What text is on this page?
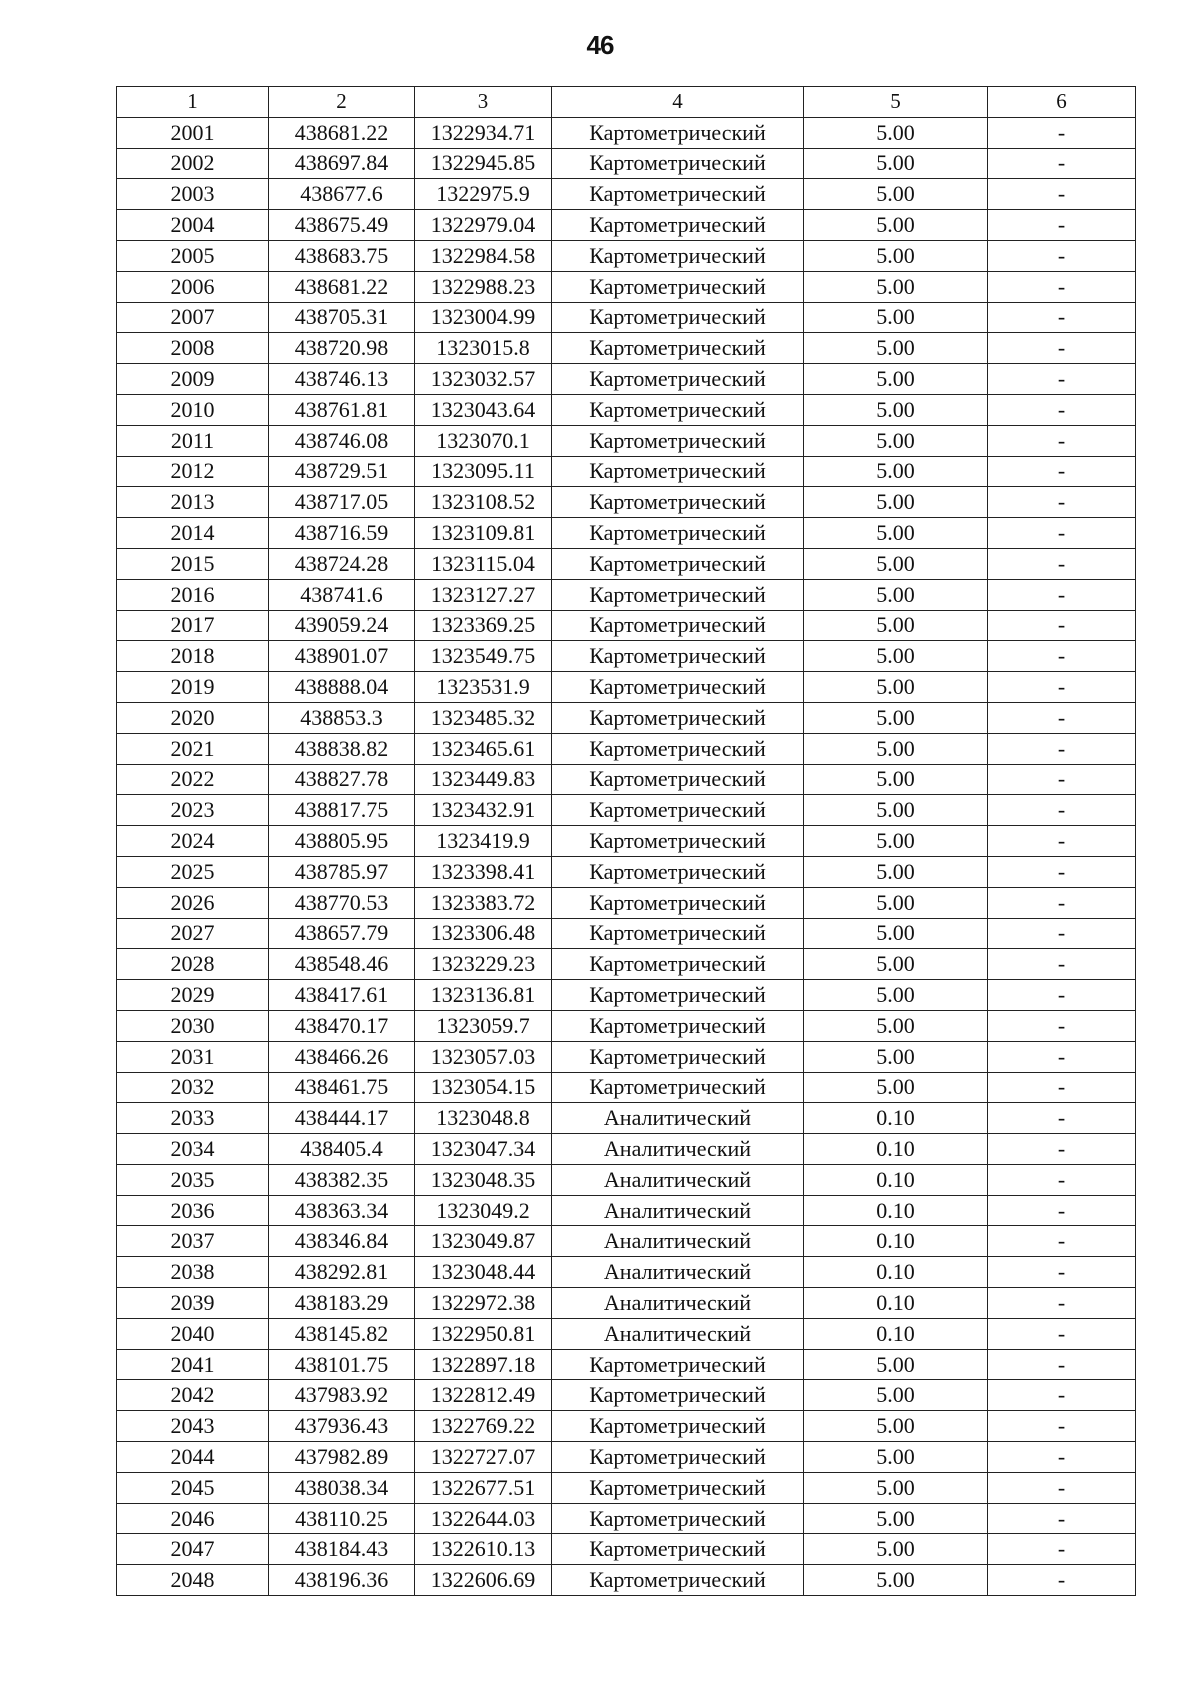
46
1	2	3	4	5	6
2001	438681.22	1322934.71	Картометрический	5.00	-
2002	438697.84	1322945.85	Картометрический	5.00	-
2003	438677.6	1322975.9	Картометрический	5.00	-
2004	438675.49	1322979.04	Картометрический	5.00	-
2005	438683.75	1322984.58	Картометрический	5.00	-
2006	438681.22	1322988.23	Картометрический	5.00	-
2007	438705.31	1323004.99	Картометрический	5.00	-
2008	438720.98	1323015.8	Картометрический	5.00	-
2009	438746.13	1323032.57	Картометрический	5.00	-
2010	438761.81	1323043.64	Картометрический	5.00	-
2011	438746.08	1323070.1	Картометрический	5.00	-
2012	438729.51	1323095.11	Картометрический	5.00	-
2013	438717.05	1323108.52	Картометрический	5.00	-
2014	438716.59	1323109.81	Картометрический	5.00	-
2015	438724.28	1323115.04	Картометрический	5.00	-
2016	438741.6	1323127.27	Картометрический	5.00	-
2017	439059.24	1323369.25	Картометрический	5.00	-
2018	438901.07	1323549.75	Картометрический	5.00	-
2019	438888.04	1323531.9	Картометрический	5.00	-
2020	438853.3	1323485.32	Картометрический	5.00	-
2021	438838.82	1323465.61	Картометрический	5.00	-
2022	438827.78	1323449.83	Картометрический	5.00	-
2023	438817.75	1323432.91	Картометрический	5.00	-
2024	438805.95	1323419.9	Картометрический	5.00	-
2025	438785.97	1323398.41	Картометрический	5.00	-
2026	438770.53	1323383.72	Картометрический	5.00	-
2027	438657.79	1323306.48	Картометрический	5.00	-
2028	438548.46	1323229.23	Картометрический	5.00	-
2029	438417.61	1323136.81	Картометрический	5.00	-
2030	438470.17	1323059.7	Картометрический	5.00	-
2031	438466.26	1323057.03	Картометрический	5.00	-
2032	438461.75	1323054.15	Картометрический	5.00	-
2033	438444.17	1323048.8	Аналитический	0.10	-
2034	438405.4	1323047.34	Аналитический	0.10	-
2035	438382.35	1323048.35	Аналитический	0.10	-
2036	438363.34	1323049.2	Аналитический	0.10	-
2037	438346.84	1323049.87	Аналитический	0.10	-
2038	438292.81	1323048.44	Аналитический	0.10	-
2039	438183.29	1322972.38	Аналитический	0.10	-
2040	438145.82	1322950.81	Аналитический	0.10	-
2041	438101.75	1322897.18	Картометрический	5.00	-
2042	437983.92	1322812.49	Картометрический	5.00	-
2043	437936.43	1322769.22	Картометрический	5.00	-
2044	437982.89	1322727.07	Картометрический	5.00	-
2045	438038.34	1322677.51	Картометрический	5.00	-
2046	438110.25	1322644.03	Картометрический	5.00	-
2047	438184.43	1322610.13	Картометрический	5.00	-
2048	438196.36	1322606.69	Картометрический	5.00	-
